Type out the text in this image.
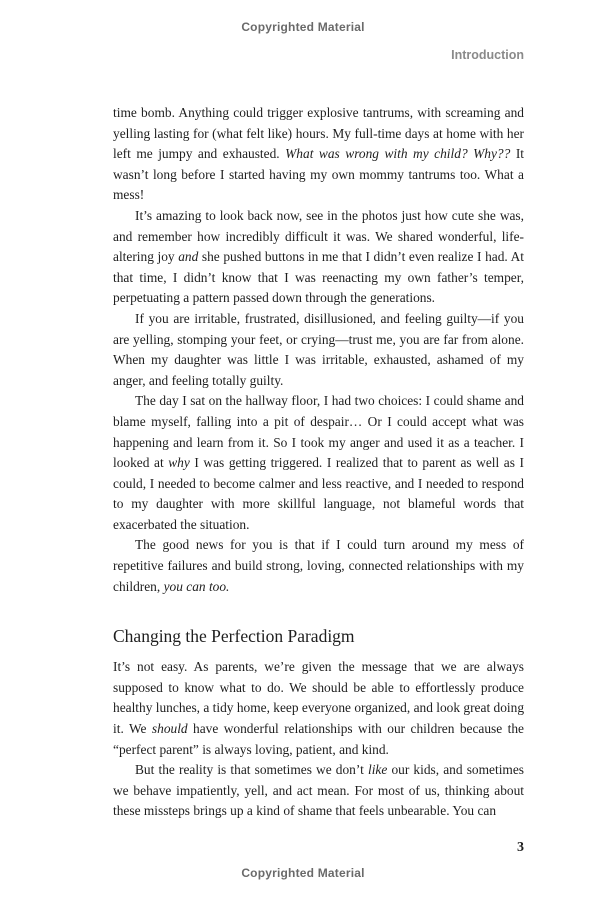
Copyrighted Material
Introduction

time bomb. Anything could trigger explosive tantrums, with screaming and yelling lasting for (what felt like) hours. My full-time days at home with her left me jumpy and exhausted. What was wrong with my child? Why?? It wasn’t long before I started having my own mommy tantrums too. What a mess!

It’s amazing to look back now, see in the photos just how cute she was, and remember how incredibly difficult it was. We shared wonderful, life-altering joy and she pushed buttons in me that I didn’t even realize I had. At that time, I didn’t know that I was reenacting my own father’s temper, perpetuating a pattern passed down through the generations.

If you are irritable, frustrated, disillusioned, and feeling guilty—if you are yelling, stomping your feet, or crying—trust me, you are far from alone. When my daughter was little I was irritable, exhausted, ashamed of my anger, and feeling totally guilty.

The day I sat on the hallway floor, I had two choices: I could shame and blame myself, falling into a pit of despair… Or I could accept what was happening and learn from it. So I took my anger and used it as a teacher. I looked at why I was getting triggered. I realized that to parent as well as I could, I needed to become calmer and less reactive, and I needed to respond to my daughter with more skillful language, not blameful words that exacerbated the situation.

The good news for you is that if I could turn around my mess of repetitive failures and build strong, loving, connected relationships with my children, you can too.

Changing the Perfection Paradigm

It’s not easy. As parents, we’re given the message that we are always supposed to know what to do. We should be able to effortlessly produce healthy lunches, a tidy home, keep everyone organized, and look great doing it. We should have wonderful relationships with our children because the “perfect parent” is always loving, patient, and kind.

But the reality is that sometimes we don’t like our kids, and sometimes we behave impatiently, yell, and act mean. For most of us, thinking about these missteps brings up a kind of shame that feels unbearable. You can

3
Copyrighted Material
